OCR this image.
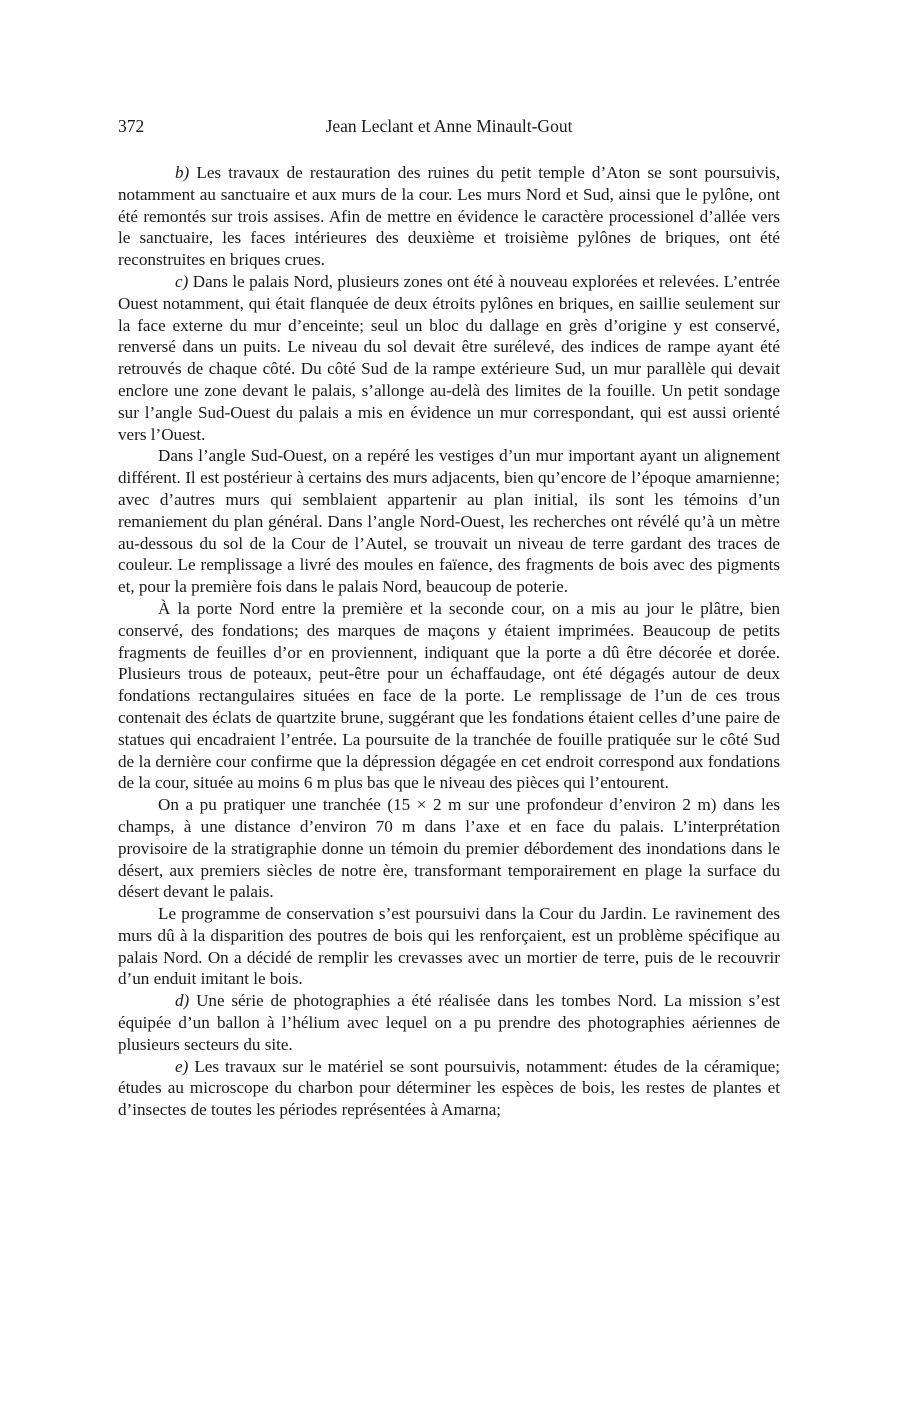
372	Jean Leclant et Anne Minault-Gout

b) Les travaux de restauration des ruines du petit temple d’Aton se sont poursuivis, notamment au sanctuaire et aux murs de la cour. Les murs Nord et Sud, ainsi que le pylône, ont été remontés sur trois assises. Afin de mettre en évidence le caractère processionel d’allée vers le sanctuaire, les faces intérieures des deuxième et troisième pylônes de briques, ont été reconstruites en briques crues.

c) Dans le palais Nord, plusieurs zones ont été à nouveau explorées et relevées. L’entrée Ouest notamment, qui était flanquée de deux étroits pylônes en briques, en saillie seulement sur la face externe du mur d’enceinte; seul un bloc du dallage en grès d’origine y est conservé, renversé dans un puits. Le niveau du sol devait être surélevé, des indices de rampe ayant été retrouvés de chaque côté. Du côté Sud de la rampe extérieure Sud, un mur parallèle qui devait enclore une zone devant le palais, s’allonge au-delà des limites de la fouille. Un petit sondage sur l’angle Sud-Ouest du palais a mis en évidence un mur correspondant, qui est aussi orienté vers l’Ouest.

Dans l’angle Sud-Ouest, on a repéré les vestiges d’un mur important ayant un alignement différent. Il est postérieur à certains des murs adjacents, bien qu’encore de l’époque amarnienne; avec d’autres murs qui semblaient appartenir au plan initial, ils sont les témoins d’un remaniement du plan général. Dans l’angle Nord-Ouest, les recherches ont révélé qu’à un mètre au-dessous du sol de la Cour de l’Autel, se trouvait un niveau de terre gardant des traces de couleur. Le remplissage a livré des moules en faïence, des fragments de bois avec des pigments et, pour la première fois dans le palais Nord, beaucoup de poterie.

À la porte Nord entre la première et la seconde cour, on a mis au jour le plâtre, bien conservé, des fondations; des marques de maçons y étaient imprimées. Beaucoup de petits fragments de feuilles d’or en proviennent, indiquant que la porte a dû être décorée et dorée. Plusieurs trous de poteaux, peut-être pour un échaffaudage, ont été dégagés autour de deux fondations rectangulaires situées en face de la porte. Le remplissage de l’un de ces trous contenait des éclats de quartzite brune, suggérant que les fondations étaient celles d’une paire de statues qui encadraient l’entrée. La poursuite de la tranchée de fouille pratiquée sur le côté Sud de la dernière cour confirme que la dépression dégagée en cet endroit correspond aux fondations de la cour, située au moins 6 m plus bas que le niveau des pièces qui l’entourent.

On a pu pratiquer une tranchée (15 × 2 m sur une profondeur d’environ 2 m) dans les champs, à une distance d’environ 70 m dans l’axe et en face du palais. L’interprétation provisoire de la stratigraphie donne un témoin du premier débordement des inondations dans le désert, aux premiers siècles de notre ère, transformant temporairement en plage la surface du désert devant le palais.

Le programme de conservation s’est poursuivi dans la Cour du Jardin. Le ravinement des murs dû à la disparition des poutres de bois qui les renforçaient, est un problème spécifique au palais Nord. On a décidé de remplir les crevasses avec un mortier de terre, puis de le recouvrir d’un enduit imitant le bois.

d) Une série de photographies a été réalisée dans les tombes Nord. La mission s’est équipée d’un ballon à l’hélium avec lequel on a pu prendre des photographies aériennes de plusieurs secteurs du site.

e) Les travaux sur le matériel se sont poursuivis, notamment: études de la céramique; études au microscope du charbon pour déterminer les espèces de bois, les restes de plantes et d’insectes de toutes les périodes représentées à Amarna;
